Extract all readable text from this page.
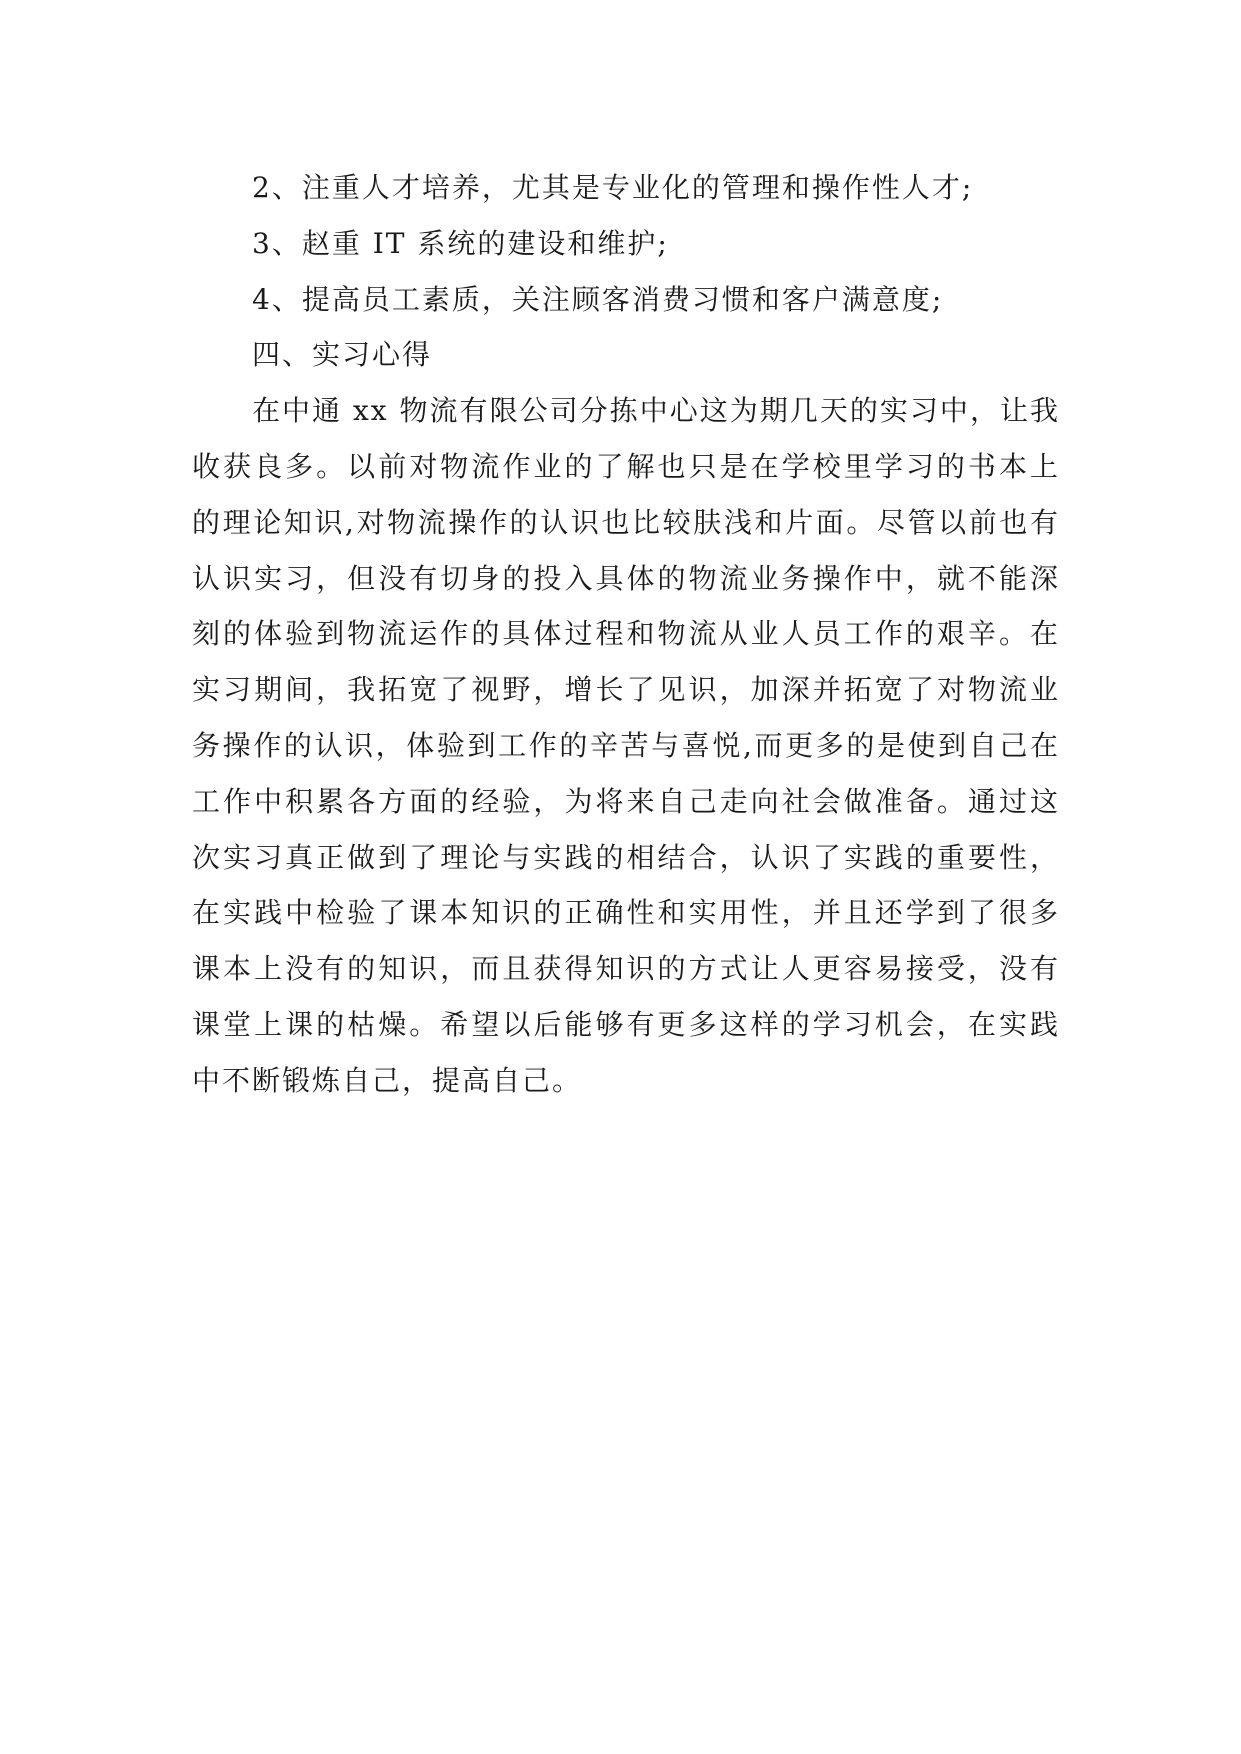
2、注重人才培养，尤其是专业化的管理和操作性人才;

3、赵重 IT 系统的建设和维护;

4、提高员工素质，关注顾客消费习惯和客户满意度;

四、实习心得

在中通 xx 物流有限公司分拣中心这为期几天的实习中，让我收获良多。以前对物流作业的了解也只是在学校里学习的书本上的理论知识,对物流操作的认识也比较肤浅和片面。尽管以前也有认识实习，但没有切身的投入具体的物流业务操作中，就不能深刻的体验到物流运作的具体过程和物流从业人员工作的艰辛。在实习期间，我拓宽了视野，增长了见识，加深并拓宽了对物流业务操作的认识，体验到工作的辛苦与喜悦,而更多的是使到自己在工作中积累各方面的经验，为将来自己走向社会做准备。通过这次实习真正做到了理论与实践的相结合，认识了实践的重要性，在实践中检验了课本知识的正确性和实用性，并且还学到了很多课本上没有的知识，而且获得知识的方式让人更容易接受，没有课堂上课的枯燥。希望以后能够有更多这样的学习机会，在实践中不断锻炼自己，提高自己。
